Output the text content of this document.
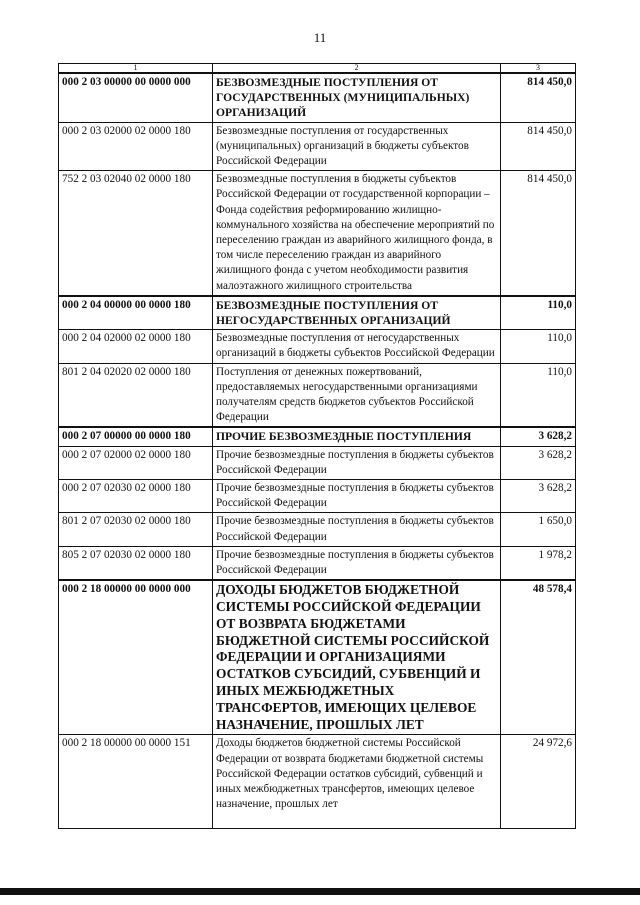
11
1	2	3
000 2 03 00000 00 0000 000	БЕЗВОЗМЕЗДНЫЕ ПОСТУПЛЕНИЯ ОТ ГОСУДАРСТВЕННЫХ (МУНИЦИПАЛЬНЫХ) ОРГАНИЗАЦИЙ	814 450,0
000 2 03 02000 02 0000 180	Безвозмездные поступления от государственных (муниципальных) организаций в бюджеты субъектов Российской Федерации	814 450,0
752 2 03 02040 02 0000 180	Безвозмездные поступления в бюджеты субъектов Российской Федерации от государственной корпорации – Фонда содействия реформированию жилищно-коммунального хозяйства на обеспечение мероприятий по переселению граждан из аварийного жилищного фонда, в том числе переселению граждан из аварийного жилищного фонда с учетом необходимости развития малоэтажного жилищного строительства	814 450,0
000 2 04 00000 00 0000 180	БЕЗВОЗМЕЗДНЫЕ ПОСТУПЛЕНИЯ ОТ НЕГОСУДАРСТВЕННЫХ ОРГАНИЗАЦИЙ	110,0
000 2 04 02000 02 0000 180	Безвозмездные поступления от негосударственных организаций в бюджеты субъектов Российской Федерации	110,0
801 2 04 02020 02 0000 180	Поступления от денежных пожертвований, предоставляемых негосударственными организациями получателям средств бюджетов субъектов Российской Федерации	110,0
000 2 07 00000 00 0000 180	ПРОЧИЕ БЕЗВОЗМЕЗДНЫЕ ПОСТУПЛЕНИЯ	3 628,2
000 2 07 02000 02 0000 180	Прочие безвозмездные поступления в бюджеты субъектов Российской Федерации	3 628,2
000 2 07 02030 02 0000 180	Прочие безвозмездные поступления в бюджеты субъектов Российской Федерации	3 628,2
801 2 07 02030 02 0000 180	Прочие безвозмездные поступления в бюджеты субъектов Российской Федерации	1 650,0
805 2 07 02030 02 0000 180	Прочие безвозмездные поступления в бюджеты субъектов Российской Федерации	1 978,2
000 2 18 00000 00 0000 000	ДОХОДЫ БЮДЖЕТОВ БЮДЖЕТНОЙ СИСТЕМЫ РОССИЙСКОЙ ФЕДЕРАЦИИ ОТ ВОЗВРАТА БЮДЖЕТАМИ БЮДЖЕТНОЙ СИСТЕМЫ РОССИЙСКОЙ ФЕДЕРАЦИИ И ОРГАНИЗАЦИЯМИ ОСТАТКОВ СУБСИДИЙ, СУБВЕНЦИЙ И ИНЫХ МЕЖБЮДЖЕТНЫХ ТРАНСФЕРТОВ, ИМЕЮЩИХ ЦЕЛЕВОЕ НАЗНАЧЕНИЕ, ПРОШЛЫХ ЛЕТ	48 578,4
000 2 18 00000 00 0000 151	Доходы бюджетов бюджетной системы Российской Федерации от возврата бюджетами бюджетной системы Российской Федерации остатков субсидий, субвенций и иных межбюджетных трансфертов, имеющих целевое назначение, прошлых лет	24 972,6
